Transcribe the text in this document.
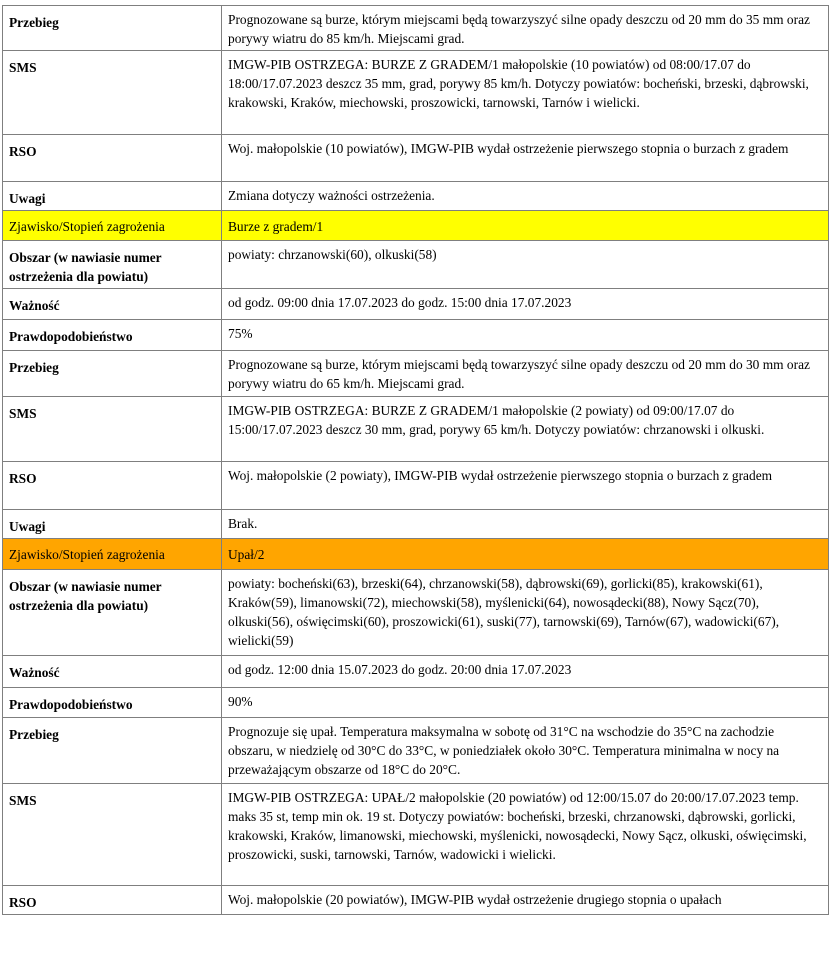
Przebieg	Prognozowane są burze, którym miejscami będą towarzyszyć silne opady deszczu od 20 mm do 35 mm oraz porywy wiatru do 85 km/h. Miejscami grad.
SMS	IMGW-PIB OSTRZEGA: BURZE Z GRADEM/1 małopolskie (10 powiatów) od 08:00/17.07 do 18:00/17.07.2023 deszcz 35 mm, grad, porywy 85 km/h. Dotyczy powiatów: bocheński, brzeski, dąbrowski, krakowski, Kraków, miechowski, proszowicki, tarnowski, Tarnów i wielicki.
RSO	Woj. małopolskie (10 powiatów), IMGW-PIB wydał ostrzeżenie pierwszego stopnia o burzach z gradem
Uwagi	Zmiana dotyczy ważności ostrzeżenia.
Zjawisko/Stopień zagrożenia	Burze z gradem/1
Obszar (w nawiasie numer ostrzeżenia dla powiatu)	powiaty: chrzanowski(60), olkuski(58)
Ważność	od godz. 09:00 dnia 17.07.2023 do godz. 15:00 dnia 17.07.2023
Prawdopodobieństwo	75%
Przebieg	Prognozowane są burze, którym miejscami będą towarzyszyć silne opady deszczu od 20 mm do 30 mm oraz porywy wiatru do 65 km/h. Miejscami grad.
SMS	IMGW-PIB OSTRZEGA: BURZE Z GRADEM/1 małopolskie (2 powiaty) od 09:00/17.07 do 15:00/17.07.2023 deszcz 30 mm, grad, porywy 65 km/h. Dotyczy powiatów: chrzanowski i olkuski.
RSO	Woj. małopolskie (2 powiaty), IMGW-PIB wydał ostrzeżenie pierwszego stopnia o burzach z gradem
Uwagi	Brak.
Zjawisko/Stopień zagrożenia	Upał/2
Obszar (w nawiasie numer ostrzeżenia dla powiatu)	powiaty: bocheński(63), brzeski(64), chrzanowski(58), dąbrowski(69), gorlicki(85), krakowski(61), Kraków(59), limanowski(72), miechowski(58), myślenicki(64), nowosądecki(88), Nowy Sącz(70), olkuski(56), oświęcimski(60), proszowicki(61), suski(77), tarnowski(69), Tarnów(67), wadowicki(67), wielicki(59)
Ważność	od godz. 12:00 dnia 15.07.2023 do godz. 20:00 dnia 17.07.2023
Prawdopodobieństwo	90%
Przebieg	Prognozuje się upał. Temperatura maksymalna w sobotę od 31°C na wschodzie do 35°C na zachodzie obszaru, w niedzielę od 30°C do 33°C, w poniedziałek około 30°C. Temperatura minimalna w nocy na przeważającym obszarze od 18°C do 20°C.
SMS	IMGW-PIB OSTRZEGA: UPAŁ/2 małopolskie (20 powiatów) od 12:00/15.07 do 20:00/17.07.2023 temp. maks 35 st, temp min ok. 19 st. Dotyczy powiatów: bocheński, brzeski, chrzanowski, dąbrowski, gorlicki, krakowski, Kraków, limanowski, miechowski, myślenicki, nowosądecki, Nowy Sącz, olkuski, oświęcimski, proszowicki, suski, tarnowski, Tarnów, wadowicki i wielicki.
RSO	Woj. małopolskie (20 powiatów), IMGW-PIB wydał ostrzeżenie drugiego stopnia o upałach
